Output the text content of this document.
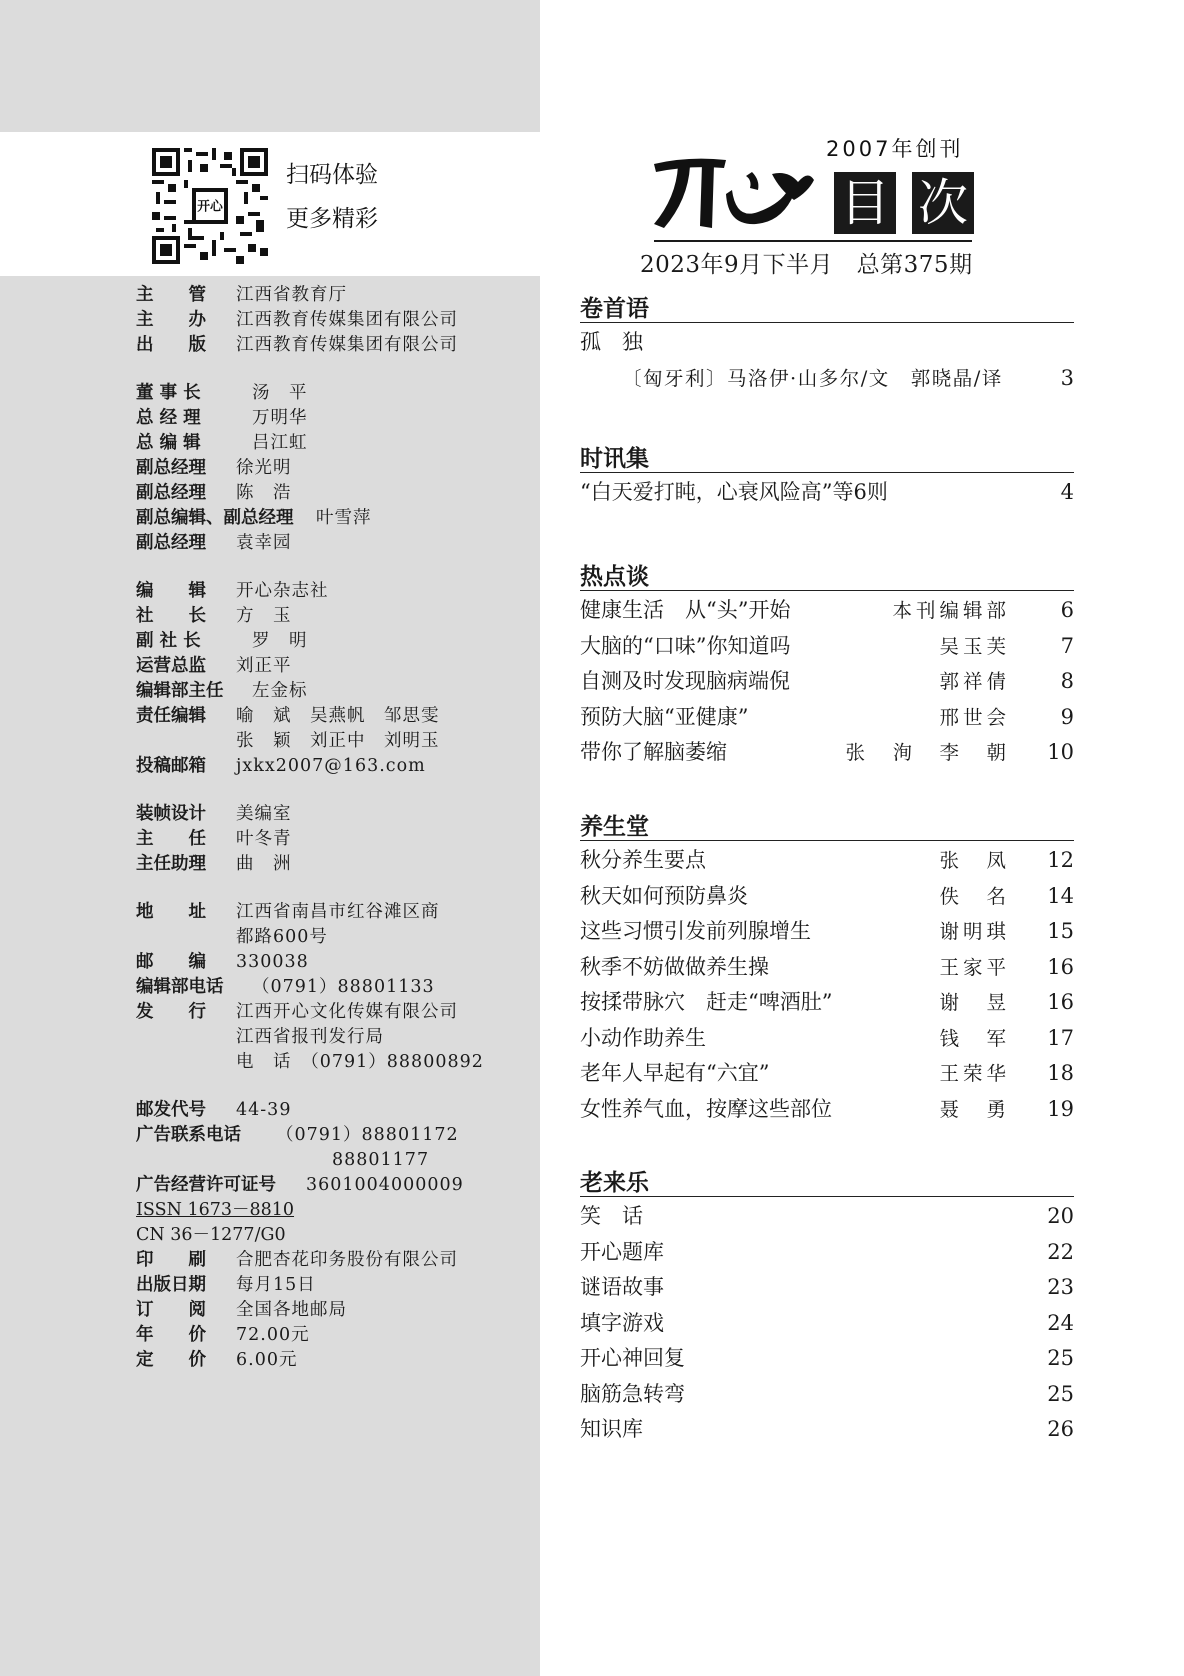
开心
扫码体验
更多精彩
主　　管 江西省教育厅
主　　办 江西教育传媒集团有限公司
出　　版 江西教育传媒集团有限公司
董 事 长	汤　平
总 经 理	万明华
总 编 辑	吕江虹
副总经理 徐光明
副总经理 陈　浩
副总编辑、副总经理 叶雪萍
副总经理 袁幸园
编　　辑 开心杂志社
社　　长 方　玉
副 社 长	罗　明
运营总监 刘正平
编辑部主任 左金标
责任编辑 喻　斌　吴燕帆　邹思雯
张　颖　刘正中　刘明玉
投稿邮箱 jxkx2007@163.com
装帧设计 美编室
主　　任 叶冬青
主任助理 曲　洲
地　　址 江西省南昌市红谷滩区商
都路600号
邮　　编 330038
编辑部电话 （0791）88801133
发　　行 江西开心文化传媒有限公司
江西省报刊发行局
电　话　（0791）88800892
邮发代号 44-39
广告联系电话 （0791）88801172
88801177
广告经营许可证号 3601004000009
ISSN 1673－8810
CN 36－1277/G0
印　　刷 合肥杏花印务股份有限公司
出版日期 每月15日
订　　阅 全国各地邮局
年　　价 72.00元
定　　价 6.00元
2007年创刊
目 次
2023年9月下半月　总第375期
卷首语
孤　独
〔匈牙利〕马洛伊·山多尔/文　郭晓晶/译	3
时讯集
“白天爱打盹，心衰风险高”等6则	4
热点谈
健康生活　从“头”开始	本刊编辑部 6
大脑的“口味”你知道吗	吴玉芙 7
自测及时发现脑病端倪	郭祥倩 8
预防大脑“亚健康”	邢世会 9
带你了解脑萎缩	张　洵　李　朝 10
养生堂
秋分养生要点	张　凤 12
秋天如何预防鼻炎	佚　名 14
这些习惯引发前列腺增生	谢明琪 15
秋季不妨做做养生操	王家平 16
按揉带脉穴　赶走“啤酒肚”	谢　昱 16
小动作助养生	钱　军 17
老年人早起有“六宜”	王荣华 18
女性养气血，按摩这些部位	聂　勇 19
老来乐
笑　话	20
开心题库	22
谜语故事	23
填字游戏	24
开心神回复	25
脑筋急转弯	25
知识库	26
